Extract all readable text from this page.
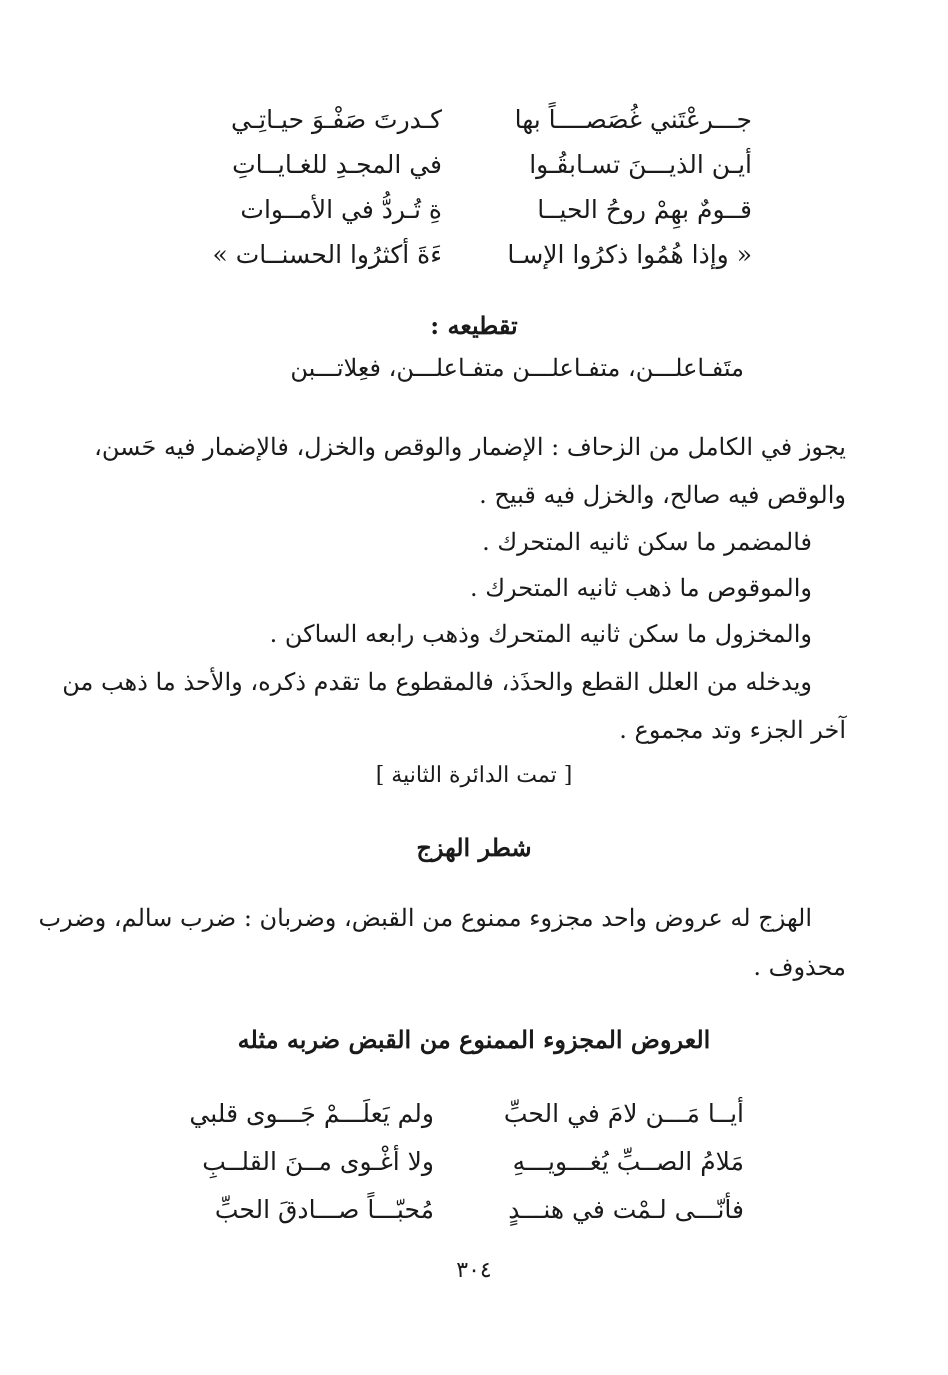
جـــرعْتَني غُصَصــــاً بها
كـدرتَ صَفْـوَ حيـاتِـي
أيـن الذيـــنَ تسـابقُـوا
في المجـدِ للغـايــاتِ
قــومٌ بهِمْ روحُ الحيــا
ةِ تُـردُّ في الأمــوات
« وإذا هُمُوا ذكرُوا الإسـا
ءَةَ أكثرُوا الحسنــات »
تقطيعه :
متَفـاعلـــن، متفـاعلـــن متفـاعلـــن، فعِلاتـــبن
يجوز في الكامل من الزحاف : الإضمار والوقص والخزل، فالإضمار فيه حَسن،
والوقص فيه صالح، والخزل فيه قبيح .
فالمضمر ما سكن ثانيه المتحرك .
والموقوص ما ذهب ثانيه المتحرك .
والمخزول ما سكن ثانيه المتحرك وذهب رابعه الساكن .
ويدخله من العلل القطع والحذَذ، فالمقطوع ما تقدم ذكره، والأحذ ما ذهب من
آخر الجزء وتد مجموع .
[ تمت الدائرة الثانية ]
شطر الهزج
الهزج له عروض واحد مجزوء ممنوع من القبض، وضربان : ضرب سالم، وضرب
محذوف .
العروض المجزوء الممنوع من القبض ضربه مثله
أيــا مَـــن لامَ في الحبِّ
ولم يَعلَـــمْ جَـــوى قلبي
مَلامُ الصــبِّ يُغـــويـــهِ
ولا أغْـوى مــنَ القلــبِ
فأنّـــى لـمْت في هنـــدٍ
مُحبّـــاً صـــادقَ الحبِّ
٣٠٤
